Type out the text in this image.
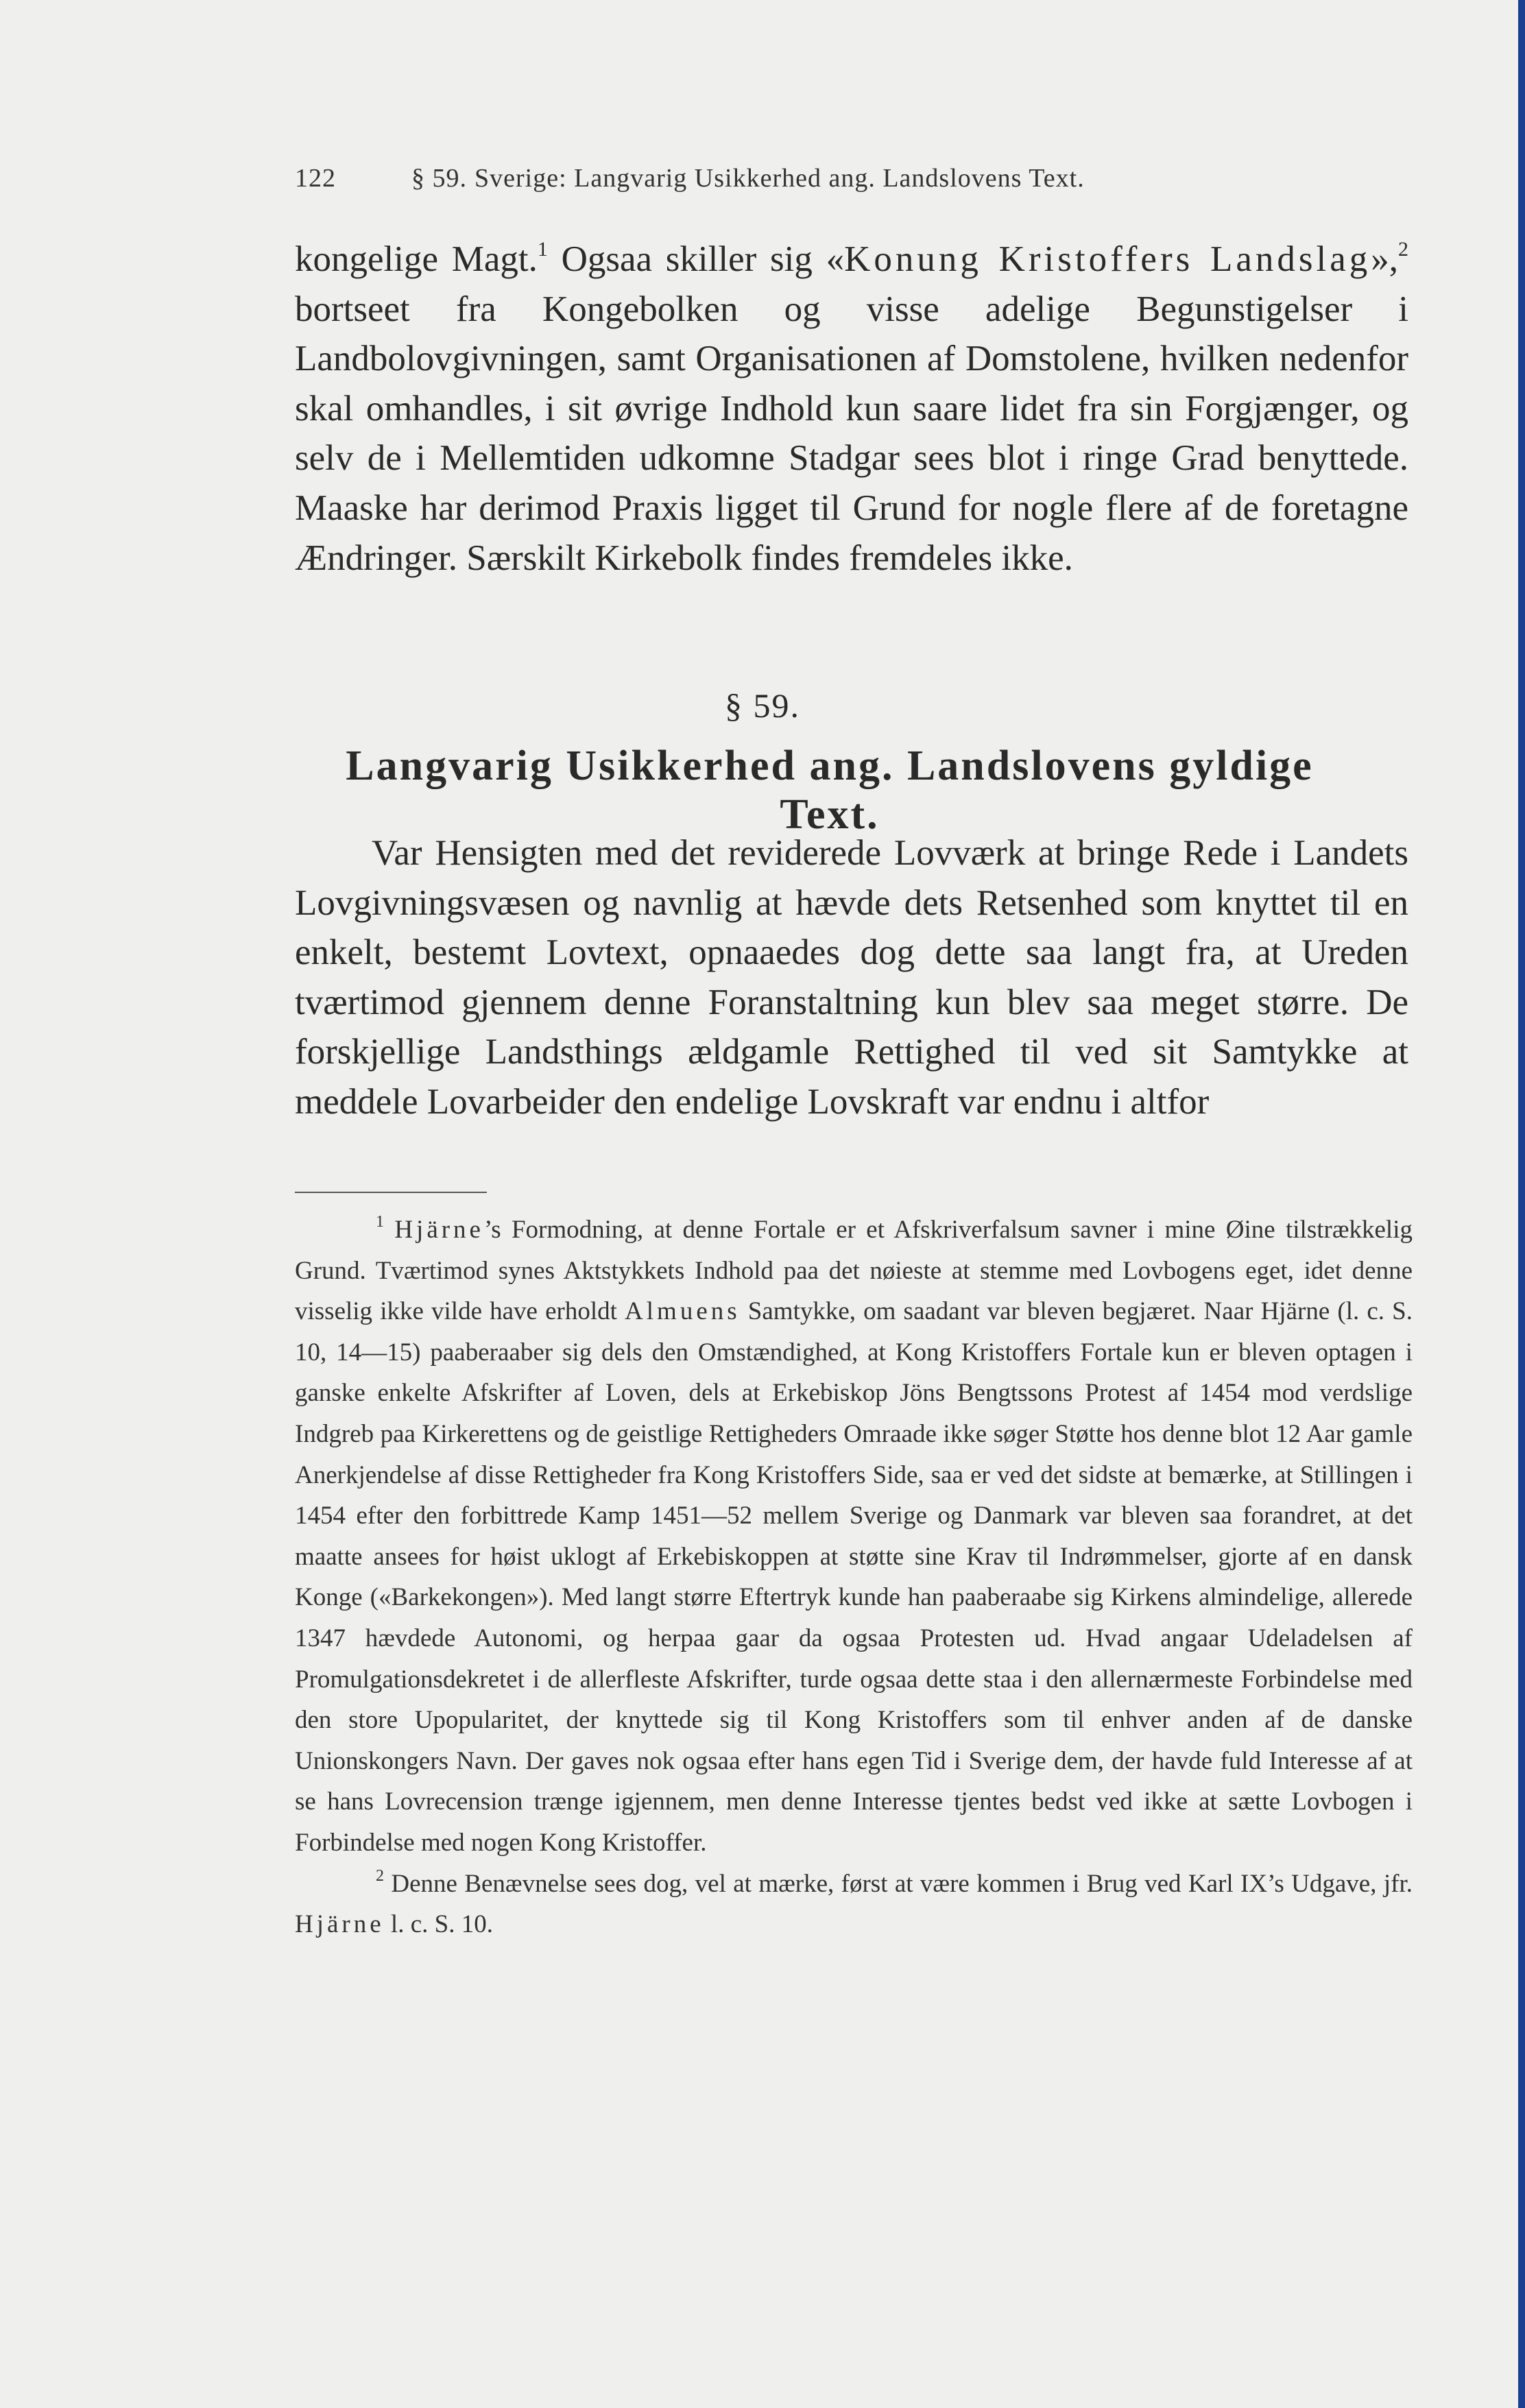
122	§ 59. Sverige: Langvarig Usikkerhed ang. Landslovens Text.

kongelige Magt.$^1$ Ogsaa skiller sig «Konung Kristoffers Landslag»,$^2$ bortseet fra Kongebolken og visse adelige Begunstigelser i Landbolovgivningen, samt Organisationen af Domstolene, hvilken nedenfor skal omhandles, i sit øvrige Indhold kun saare lidet fra sin Forgjænger, og selv de i Mellemtiden udkomne Stadgar sees blot i ringe Grad benyttede. Maaske har derimod Praxis ligget til Grund for nogle flere af de foretagne Ændringer. Særskilt Kirkebolk findes fremdeles ikke.

§ 59.
Langvarig Usikkerhed ang. Landslovens gyldige Text.

Var Hensigten med det reviderede Lovværk at bringe Rede i Landets Lovgivningsvæsen og navnlig at hævde dets Retsenhed som knyttet til en enkelt, bestemt Lovtext, opnaaedes dog dette saa langt fra, at Ureden tværtimod gjennem denne Foranstaltning kun blev saa meget større. De forskjellige Landsthings ældgamle Rettighed til ved sit Samtykke at meddele Lovarbeider den endelige Lovskraft var endnu i altfor

$^1$ Hjärne’s Formodning, at denne Fortale er et Afskriverfalsum savner i mine Øine tilstrækkelig Grund. Tværtimod synes Aktstykkets Indhold paa det nøieste at stemme med Lovbogens eget, idet denne visselig ikke vilde have erholdt Almuens Samtykke, om saadant var bleven begjæret. Naar Hjärne (l. c. S. 10, 14—15) paaberaaber sig dels den Omstændighed, at Kong Kristoffers Fortale kun er bleven optagen i ganske enkelte Afskrifter af Loven, dels at Erkebiskop Jöns Bengtssons Protest af 1454 mod verdslige Indgreb paa Kirkerettens og de geistlige Rettigheders Omraade ikke søger Støtte hos denne blot 12 Aar gamle Anerkjendelse af disse Rettigheder fra Kong Kristoffers Side, saa er ved det sidste at bemærke, at Stillingen i 1454 efter den forbittrede Kamp 1451—52 mellem Sverige og Danmark var bleven saa forandret, at det maatte ansees for høist uklogt af Erkebiskoppen at støtte sine Krav til Indrømmelser, gjorte af en dansk Konge («Barkekongen»). Med langt større Eftertryk kunde han paaberaabe sig Kirkens almindelige, allerede 1347 hævdede Autonomi, og herpaa gaar da ogsaa Protesten ud. Hvad angaar Udeladelsen af Promulgationsdekretet i de allerfleste Afskrifter, turde ogsaa dette staa i den allernærmeste Forbindelse med den store Upopularitet, der knyttede sig til Kong Kristoffers som til enhver anden af de danske Unionskongers Navn. Der gaves nok ogsaa efter hans egen Tid i Sverige dem, der havde fuld Interesse af at se hans Lovrecension trænge igjennem, men denne Interesse tjentes bedst ved ikke at sætte Lovbogen i Forbindelse med nogen Kong Kristoffer.

$^2$ Denne Benævnelse sees dog, vel at mærke, først at være kommen i Brug ved Karl IX’s Udgave, jfr. Hjärne l. c. S. 10.
